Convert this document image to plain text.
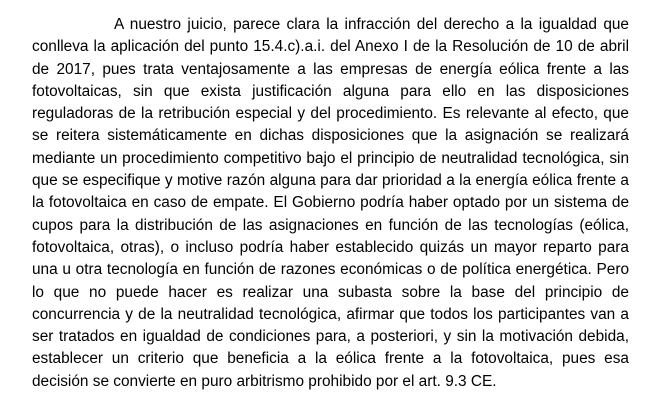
A nuestro juicio, parece clara la infracción del derecho a la igualdad que conlleva la aplicación del punto 15.4.c).a.i. del Anexo I de la Resolución de 10 de abril de 2017, pues trata ventajosamente a las empresas de energía eólica frente a las fotovoltaicas, sin que exista justificación alguna para ello en las disposiciones reguladoras de la retribución especial y del procedimiento. Es relevante al efecto, que se reitera sistemáticamente en dichas disposiciones que la asignación se realizará mediante un procedimiento competitivo bajo el principio de neutralidad tecnológica, sin que se especifique y motive razón alguna para dar prioridad a la energía eólica frente a la fotovoltaica en caso de empate. El Gobierno podría haber optado por un sistema de cupos para la distribución de las asignaciones en función de las tecnologías (eólica, fotovoltaica, otras), o incluso podría haber establecido quizás un mayor reparto para una u otra tecnología en función de razones económicas o de política energética. Pero lo que no puede hacer es realizar una subasta sobre la base del principio de concurrencia y de la neutralidad tecnológica, afirmar que todos los participantes van a ser tratados en igualdad de condiciones para, a posteriori, y sin la motivación debida, establecer un criterio que beneficia a la eólica frente a la fotovoltaica, pues esa decisión se convierte en puro arbitrismo prohibido por el art. 9.3 CE.
